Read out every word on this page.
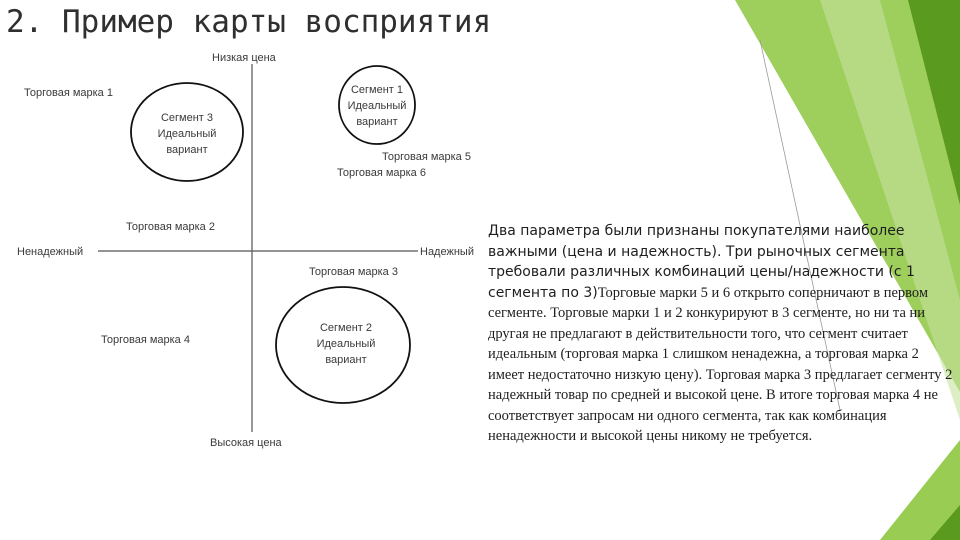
2. Пример карты восприятия
Низкая цена
Высокая цена
Ненадежный	Надежный
Сегмент 3
Идеальный
вариант
Сегмент 1
Идеальный
вариант
Сегмент 2
Идеальный
вариант
Торговая марка 1
Торговая марка 2
Торговая марка 3
Торговая марка 4
Торговая марка 5
Торговая марка 6

Два параметра были признаны покупателями наиболее важными (цена и надежность). Три рыночных сегмента требовали различных комбинаций цены/надежности (с 1 сегмента по 3)Торговые марки 5 и 6 открыто соперничают в первом сегменте. Торговые марки 1 и 2 конкурируют в 3 сегменте, но ни та ни другая не предлагают в действительности того, что сегмент считает идеальным (торговая марка 1 слишком ненадежна, а торговая марка 2 имеет недостаточно низкую цену). Торговая марка 3 предлагает сегменту 2 надежный товар по средней и высокой цене. В итоге торговая марка 4 не соответствует запросам ни одного сегмента, так как комбинация ненадежности и высокой цены никому не требуется.
